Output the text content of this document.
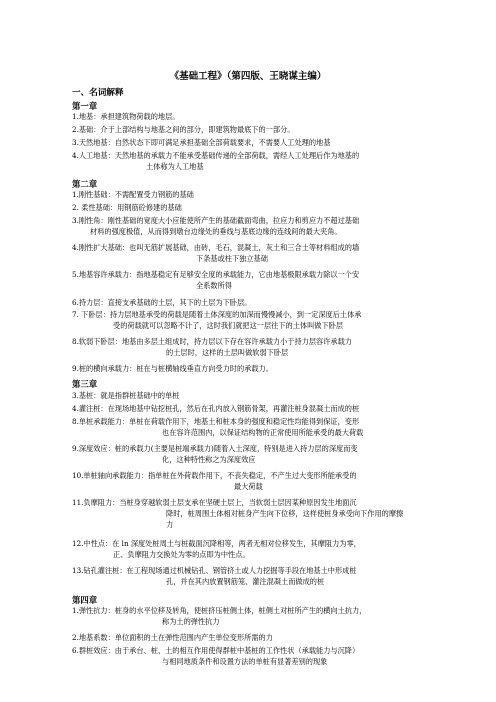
《基础工程》（第四版、王晓谋主编）
一、名词解释
第一章
1.地基：承担建筑物荷载的地层。
2.基础：介于上部结构与地基之间的部分，即建筑物最底下的一部分。
3.天然地基：自然状态下即可满足承担基础全部荷载要求，不需要人工处理的地基
4.人工地基：天然地基的承载力不能承受基础传递的全部荷载，需经人工处理后作为地基的
土体称为人工地基
第二章
1.刚性基础：不需配置受力钢筋的基础
2. 柔性基础：用钢筋砼修建的基础
3.刚性角：刚性基础的宽度大小应能使所产生的基础截面弯曲，拉应力和剪应力不超过基础
材料的强度极值，从而得到墩台边缘处的垂线与基底边缘的连线间的最大夹角。
4.刚性扩大基础：也叫无筋扩展基础，由砖，毛石，混凝土，灰土和三合土等材料组成的墙
下条基或柱下独立基础
5.地基容许承载力：指地基稳定有足够安全度的承载能力，它由地基极限承载力除以一个安
全系数所得
6.持力层：直接支承基础的土层，其下的土层为下卧层。
7. 下卧层：持力层地基承受的荷载是随着土体深度的加深而慢慢减小，到一定深度后土体承
受的荷载就可以忽略不计了，这时我们就把这一层往下的土体叫做下卧层
8.软弱下卧层：地基由多层土组成时，持力层以下存在容许承载力小于持力层容许承载力
的土层时，这样的土层叫做软弱下卧层
9.桩的横向承载力：桩在与桩横轴线垂直方向受力时的承载力。
第三章
3.基桩：就是指群桩基础中的单桩
4.灌注桩：在现场地基中钻挖桩孔，然后在孔内放入钢筋骨架，再灌注桩身混凝土而成的桩
8.单桩承载能力：单桩在荷载作用下，地基土和桩本身的强度和稳定性均能得到保证，变形
也在容许范围内，以保证结构物的正常使用所能承受的最大荷载
9.深度效应：桩的承载力(主要是桩端承载力)随着入土深度，特别是进入持力层的深度而变
化，这种特性称之为深度效应
10.单桩轴向承载能力：指单桩在外荷载作用下，不丧失稳定，不产生过大变形所能承受的
最大荷载
11.负摩阻力：当桩身穿越软弱土层支承在坚硬土层上，当软弱土层因某种原因发生地面沉
降时，桩周围土体相对桩身产生向下位移，这样使桩身承受向下作用的摩擦
力
12.中性点：在 ln 深度处桩周土与桩截面沉降相等，两者无相对位移发生，其摩阻力为零，
正、负摩阻力交换处为零的点即为中性点。
13.钻孔灌注桩：在工程现场通过机械钻孔、钢管挤土或人力挖掘等手段在地基土中形成桩
孔，并在其内放置钢筋笼、灌注混凝土而做成的桩
第四章
1.弹性抗力：桩身的水平位移及转角，使桩挤压桩侧土体，桩侧土对桩所产生的横向土抗力，
称为土的弹性抗力
2.地基系数：单位面积的土在弹性范围内产生单位变形所需的力
6.群桩效应：由于承台、桩、土的相互作用使得群桩中基桩的工作性状（承载能力与沉降）
与相同地质条件和设置方法的单桩有显著差别的现象
